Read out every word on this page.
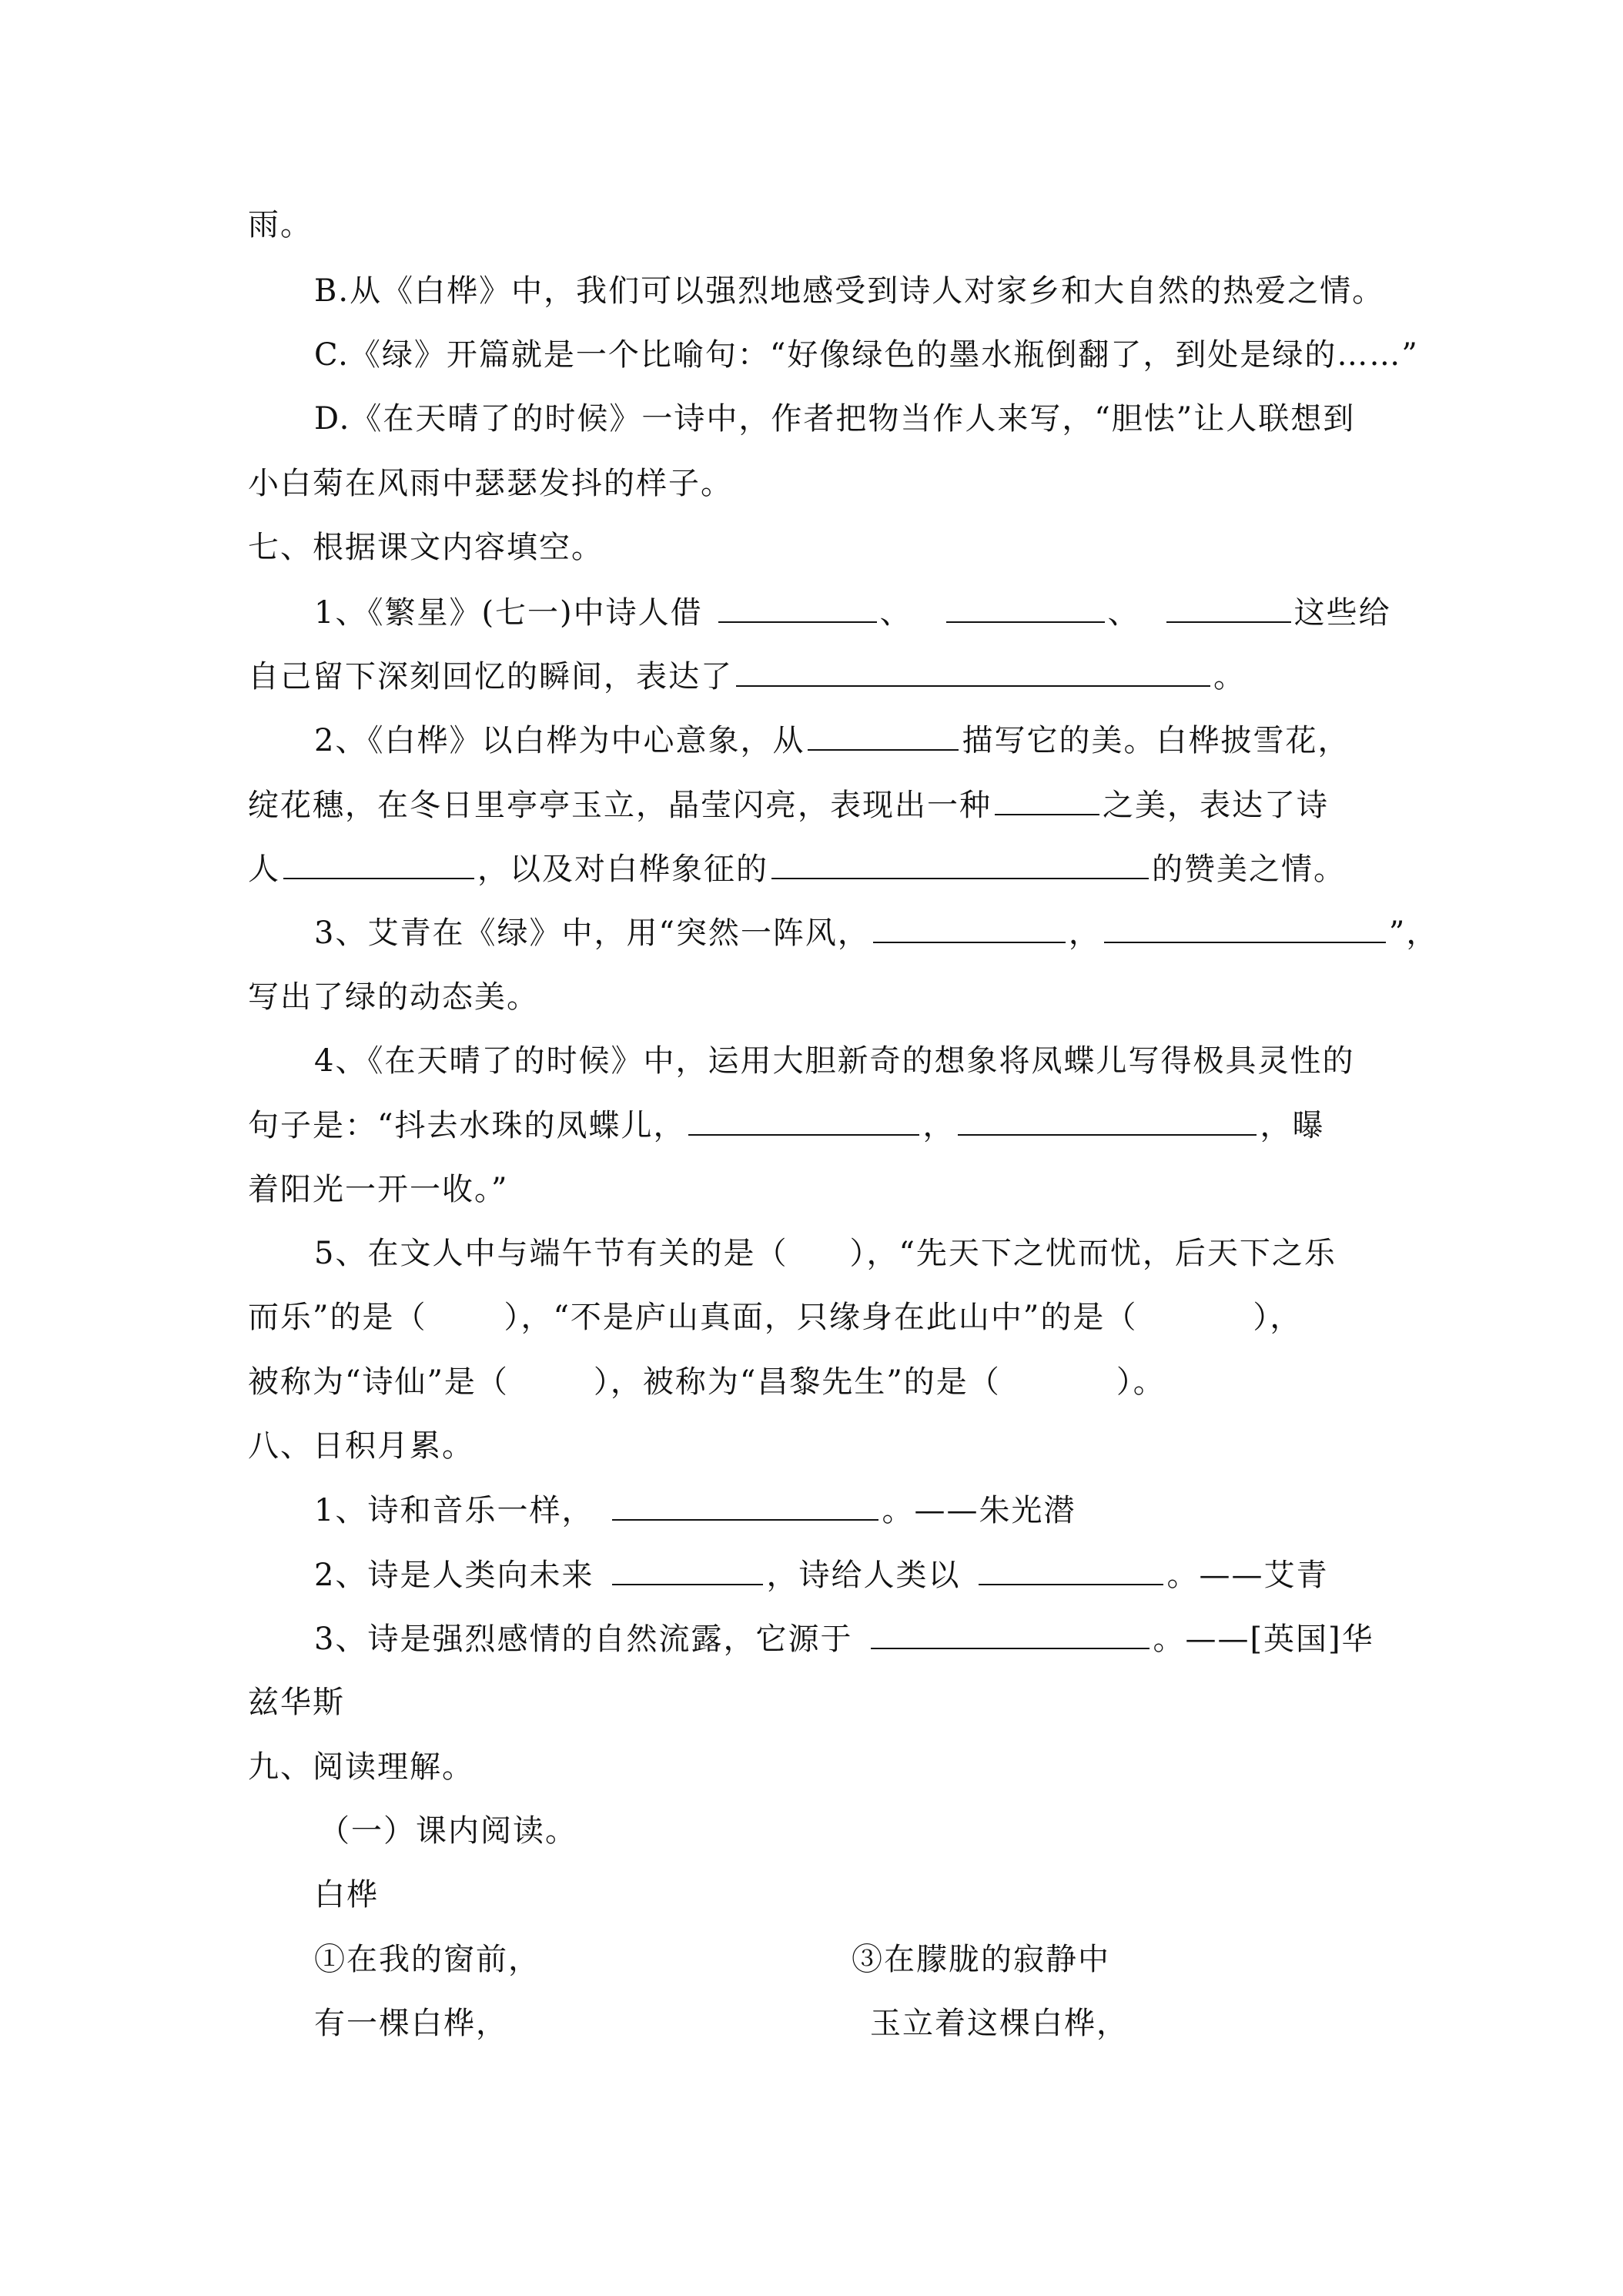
雨。
B.从《白桦》中，我们可以强烈地感受到诗人对家乡和大自然的热爱之情。
C.《绿》开篇就是一个比喻句：“好像绿色的墨水瓶倒翻了，到处是绿的……”
D.《在天晴了的时候》一诗中，作者把物当作人来写，“胆怯”让人联想到
小白菊在风雨中瑟瑟发抖的样子。
七、根据课文内容填空。
1、《繁星》(七一)中诗人借	、	、	这些给
自己留下深刻回忆的瞬间，表达了	。
2、《白桦》以白桦为中心意象，从	描写它的美。白桦披雪花，
绽花穗，在冬日里亭亭玉立，晶莹闪亮，表现出一种	之美，表达了诗
人	，以及对白桦象征的	的赞美之情。
3、艾青在《绿》中，用“突然一阵风，	，	”，
写出了绿的动态美。
4、《在天晴了的时候》中，运用大胆新奇的想象将凤蝶儿写得极具灵性的
句子是：“抖去水珠的凤蝶儿，	，	，曝
着阳光一开一收。”
5、在文人中与端午节有关的是（ ），“先天下之忧而忧，后天下之乐
而乐”的是（	），“不是庐山真面，只缘身在此山中”的是（	），
被称为“诗仙”是（	），被称为“昌黎先生”的是（	）。
八、日积月累。
1、诗和音乐一样，	。——朱光潜
2、诗是人类向未来	，诗给人类以	。——艾青
3、诗是强烈感情的自然流露，它源于	。——[英国]华
兹华斯
九、阅读理解。
（一）课内阅读。
白桦
①在我的窗前，	③在朦胧的寂静中
有一棵白桦，	玉立着这棵白桦，
